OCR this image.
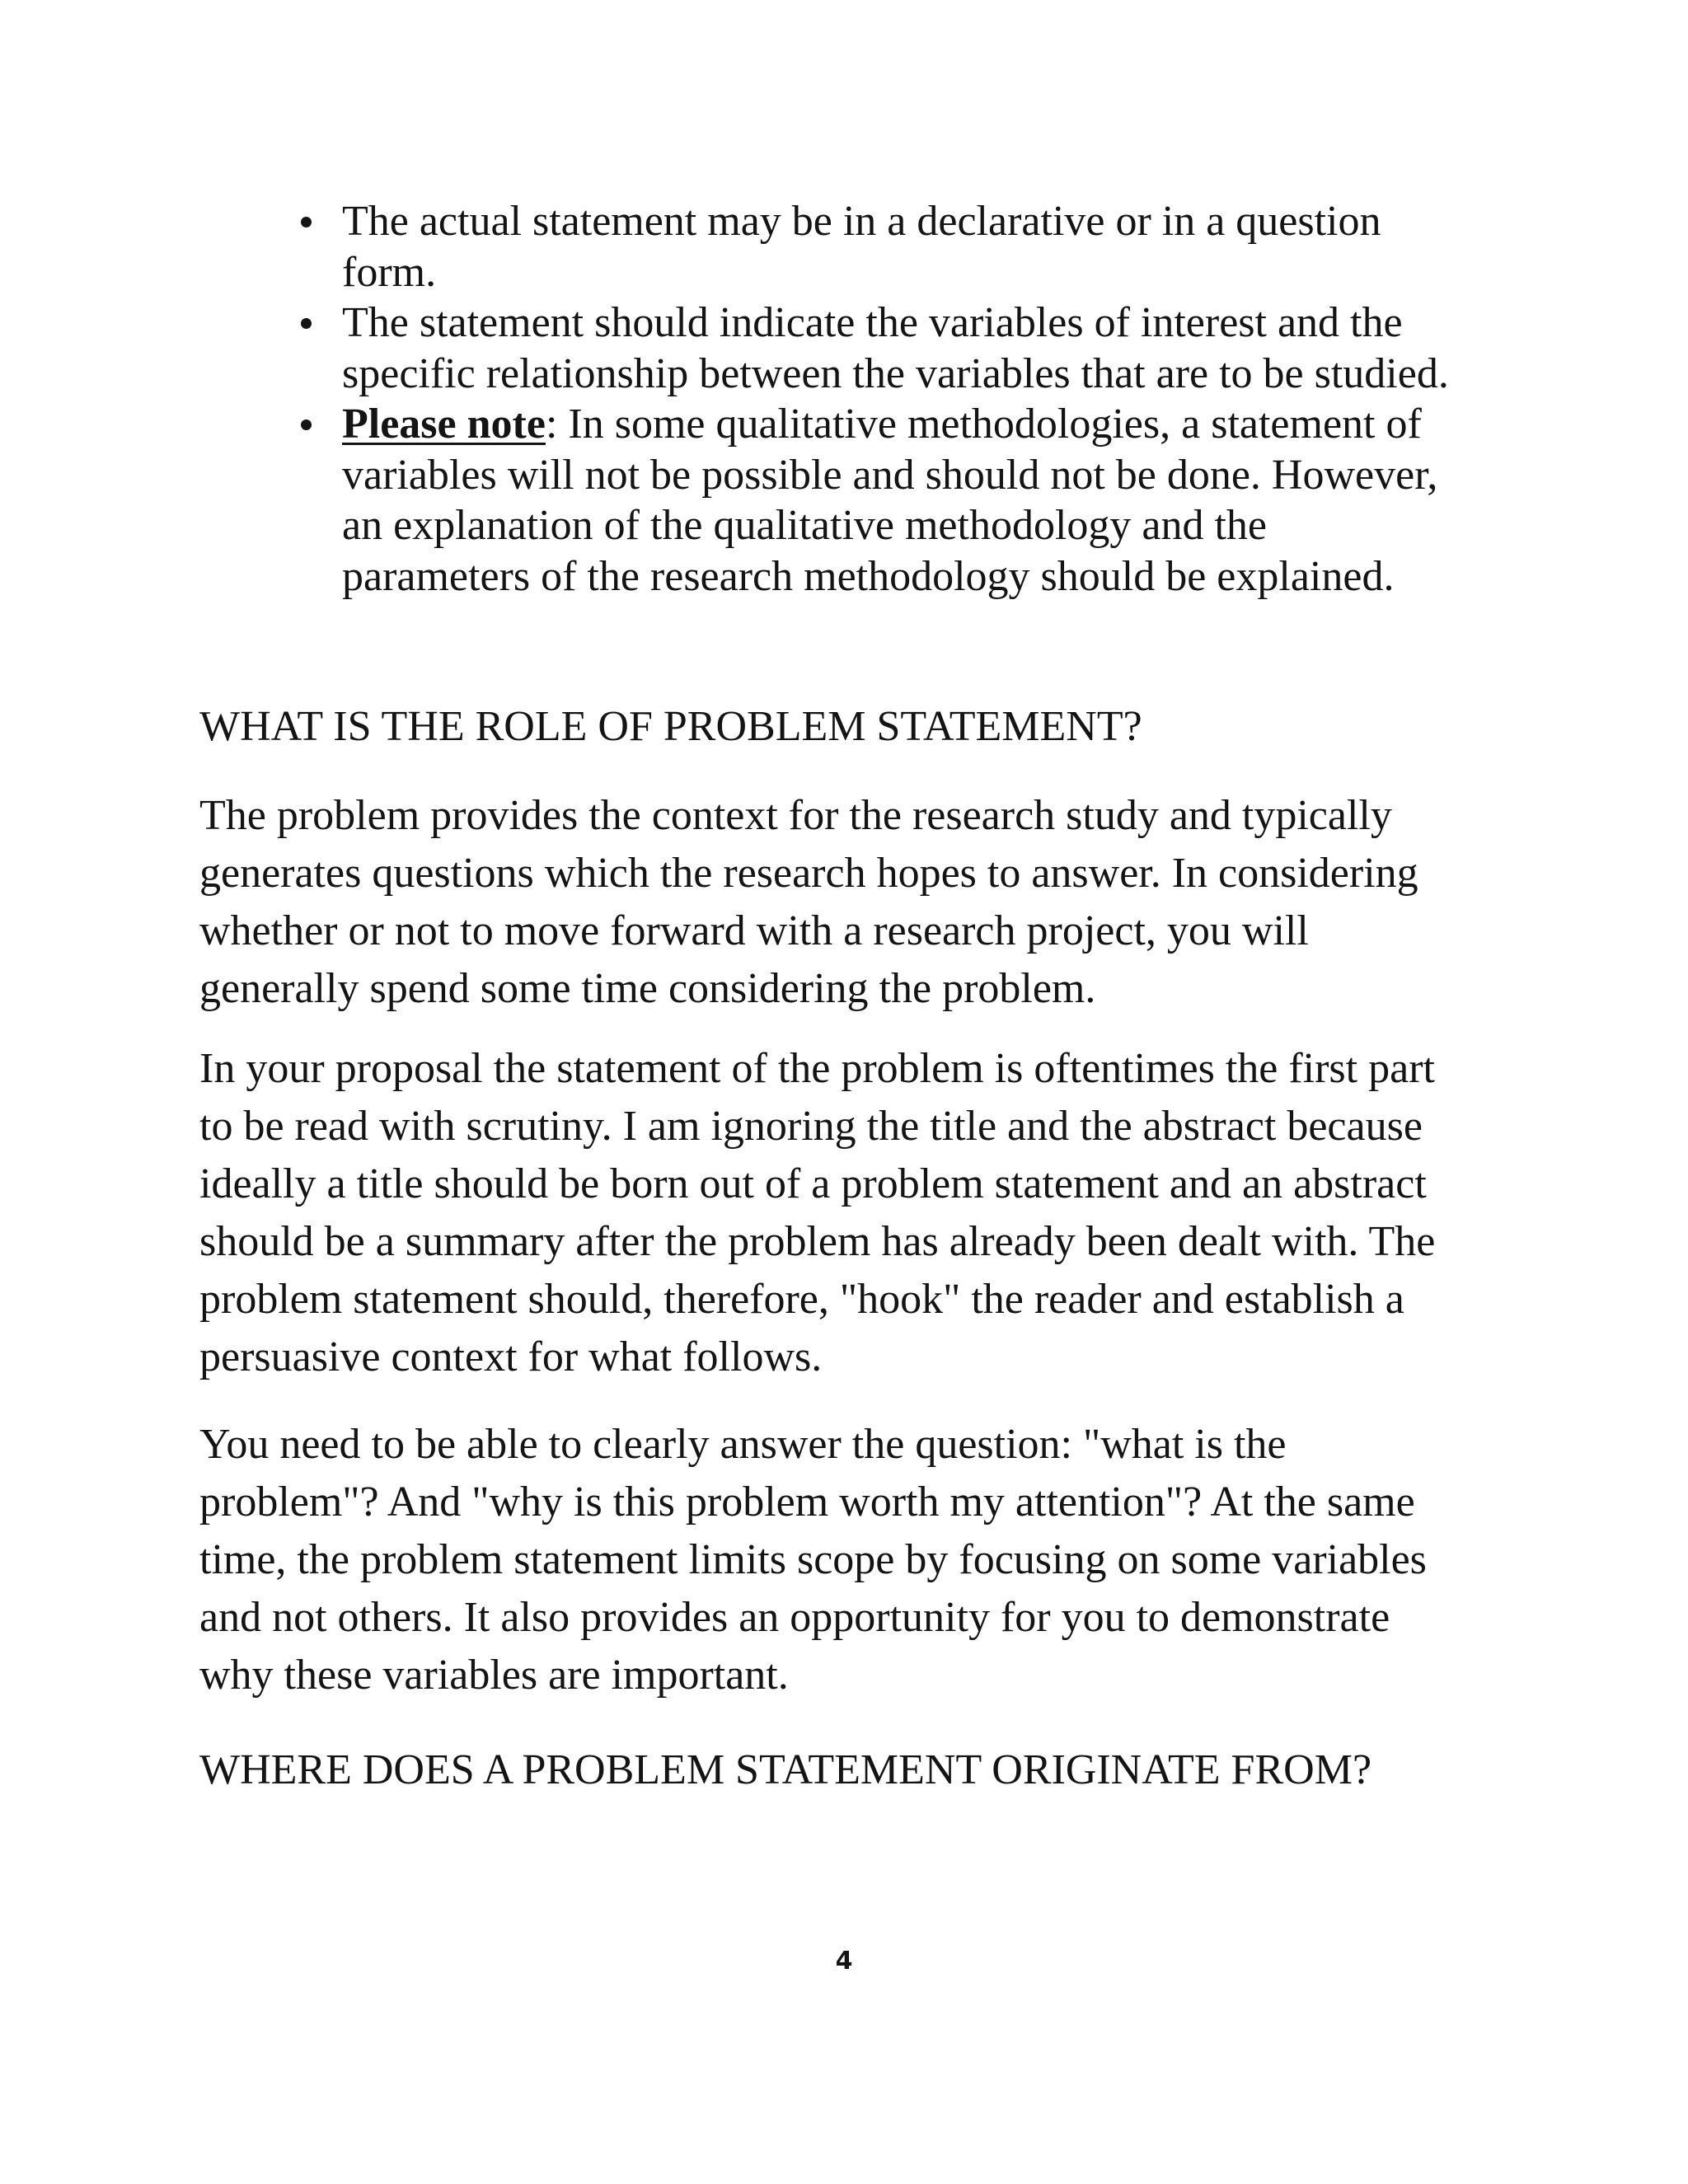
The actual statement may be in a declarative or in a question
form.
The statement should indicate the variables of interest and the
specific relationship between the variables that are to be studied.
Please note: In some qualitative methodologies, a statement of
variables will not be possible and should not be done. However,
an explanation of the qualitative methodology and the
parameters of the research methodology should be explained.
WHAT IS THE ROLE OF PROBLEM STATEMENT?

The problem provides the context for the research study and typically
generates questions which the research hopes to answer. In considering
whether or not to move forward with a research project, you will
generally spend some time considering the problem.

In your proposal the statement of the problem is oftentimes the first part
to be read with scrutiny. I am ignoring the title and the abstract because
ideally a title should be born out of a problem statement and an abstract
should be a summary after the problem has already been dealt with. The
problem statement should, therefore, "hook" the reader and establish a
persuasive context for what follows.

You need to be able to clearly answer the question: "what is the
problem"? And "why is this problem worth my attention"? At the same
time, the problem statement limits scope by focusing on some variables
and not others. It also provides an opportunity for you to demonstrate
why these variables are important.

WHERE DOES A PROBLEM STATEMENT ORIGINATE FROM?
4
